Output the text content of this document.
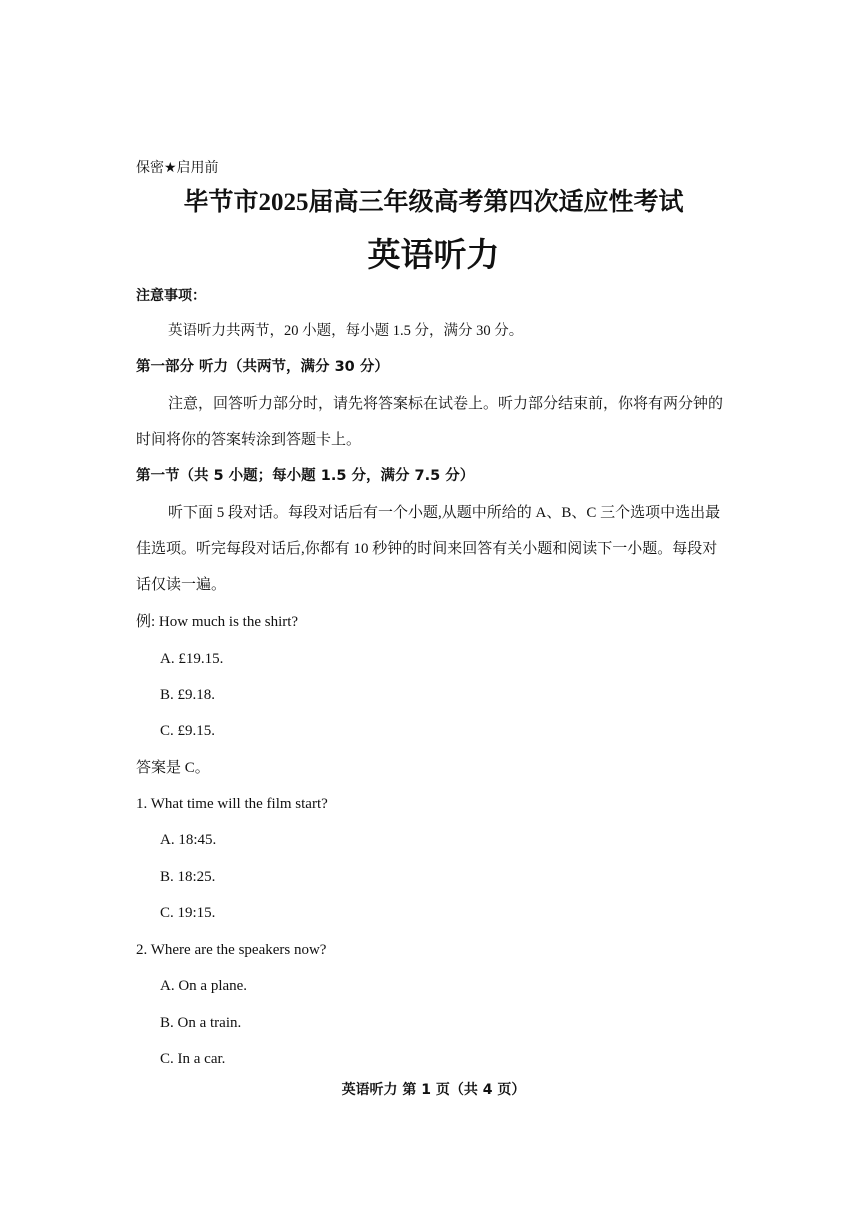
保密★启用前
毕节市2025届高三年级高考第四次适应性考试
英语听力
注意事项：
英语听力共两节，20 小题，每小题 1.5 分，满分 30 分。
第一部分 听力（共两节，满分 30 分）
注意，回答听力部分时，请先将答案标在试卷上。听力部分结束前，你将有两分钟的
时间将你的答案转涂到答题卡上。
第一节（共 5 小题；每小题 1.5 分，满分 7.5 分）
听下面 5 段对话。每段对话后有一个小题,从题中所给的 A、B、C 三个选项中选出最
佳选项。听完每段对话后,你都有 10 秒钟的时间来回答有关小题和阅读下一小题。每段对
话仅读一遍。
例: How much is the shirt?
A. £19.15.
B. £9.18.
C. £9.15.
答案是 C。
1. What time will the film start?
A. 18:45.
B. 18:25.
C. 19:15.
2. Where are the speakers now?
A. On a plane.
B. On a train.
C. In a car.
英语听力 第 1 页（共 4 页）
